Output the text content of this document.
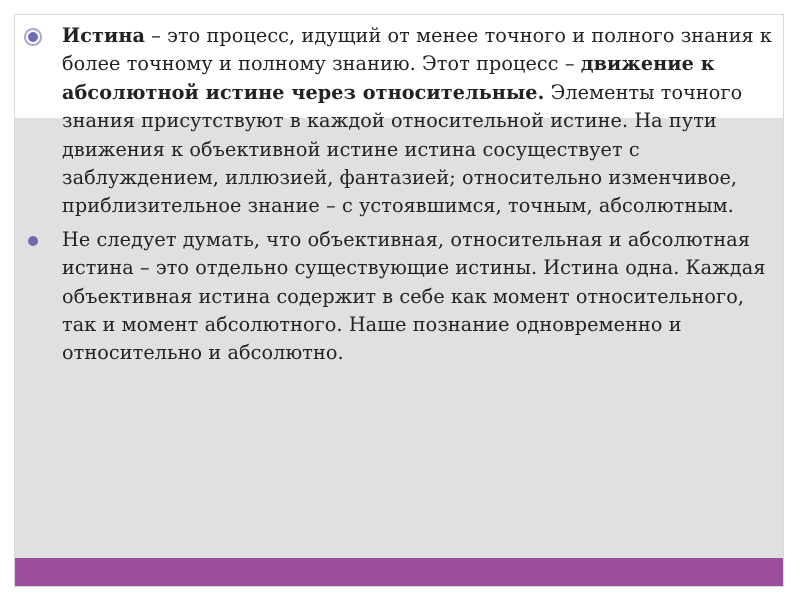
Истина – это процесс, идущий от менее точного и полного знания к более точному и полному знанию. Этот процесс – движение к абсолютной истине через относительные. Элементы точного знания присутствуют в каждой относительной истине. На пути движения к объективной истине истина сосуществует с заблуждением, иллюзией, фантазией; относительно изменчивое, приблизительное знание – с устоявшимся, точным, абсолютным.
Не следует думать, что объективная, относительная и абсолютная истина – это отдельно существующие истины. Истина одна. Каждая объективная истина содержит в себе как момент относительного, так и момент абсолютного. Наше познание одновременно и относительно и абсолютно.
